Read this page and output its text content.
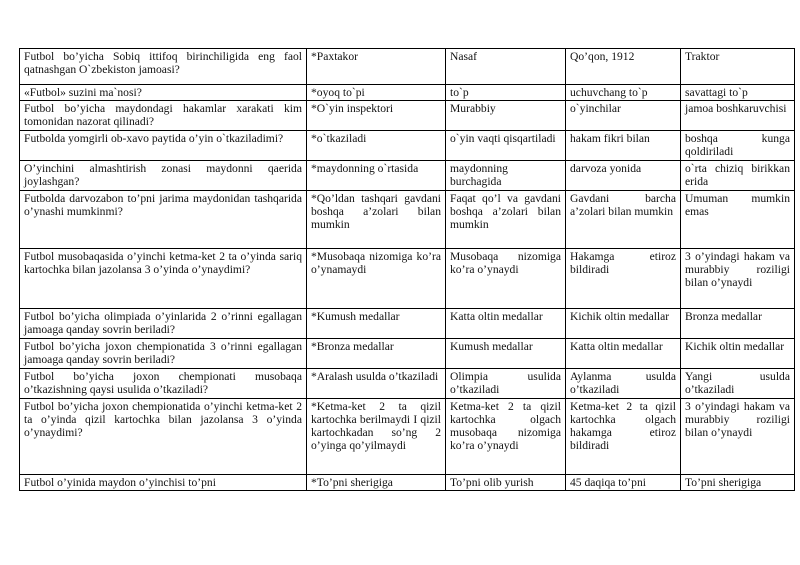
Futbol bo’yicha Sobiq ittifoq birinchiligida eng faol qatnashgan O`zbekiston jamoasi?	*Paxtakor	Nasaf	Qo’qon, 1912	Traktor
«Futbol» suzini ma`nosi?	*oyoq to`pi	to`p	uchuvchang to`p	savattagi to`p
Futbol bo’yicha maydondagi hakamlar xarakati kim tomonidan nazorat qilinadi?	*O`yin inspektori	Murabbiy	o`yinchilar	jamoa boshkaruvchisi
Futbolda yomgirli ob-xavo paytida o’yin o`tkaziladimi?	*o`tkaziladi	o`yin vaqti qisqartiladi	hakam fikri bilan	boshqa kunga qoldiriladi
O’yinchini almashtirish zonasi maydonni qaerida joylashgan?	*maydonning o`rtasida	maydonning burchagida	darvoza yonida	o`rta chiziq birikkan erida
Futbolda darvozabon to’pni jarima maydonidan tashqarida o’ynashi mumkinmi?	*Qo’ldan tashqari gavdani boshqa a’zolari bilan mumkin	Faqat qo’l va gavdani boshqa a’zolari bilan mumkin	Gavdani barcha a’zolari bilan mumkin	Umuman mumkin emas
Futbol musobaqasida o’yinchi ketma-ket 2 ta o’yinda sariq kartochka bilan jazolansa 3 o’yinda o’ynaydimi?	*Musobaqa nizomiga ko’ra o’ynamaydi	Musobaqa nizomiga ko’ra o’ynaydi	Hakamga etiroz bildiradi	3 o’yindagi hakam va murabbiy roziligi bilan o’ynaydi
Futbol bo’yicha olimpiada o’yinlarida 2 o’rinni egallagan jamoaga qanday sovrin beriladi?	*Kumush medallar	Katta oltin medallar	Kichik oltin medallar	Bronza medallar
Futbol bo’yicha joxon chempionatida 3 o’rinni egallagan jamoaga qanday sovrin beriladi?	*Bronza medallar	Kumush medallar	Katta oltin medallar	Kichik oltin medallar
Futbol bo’yicha joxon chempionati musobaqa o’tkazishning qaysi usulida o’tkaziladi?	*Aralash usulda o’tkaziladi	Olimpia usulida o’tkaziladi	Aylanma usulda o’tkaziladi	Yangi usulda o’tkaziladi
Futbol bo’yicha joxon chempionatida o’yinchi ketma-ket 2 ta o’yinda qizil kartochka bilan jazolansa 3 o’yinda o’ynaydimi?	*Ketma-ket 2 ta qizil kartochka berilmaydi I qizil kartochkadan so’ng 2 o’yinga qo’yilmaydi	Ketma-ket 2 ta qizil kartochka olgach musobaqa nizomiga ko’ra o’ynaydi	Ketma-ket 2 ta qizil kartochka olgach hakamga etiroz bildiradi	3 o’yindagi hakam va murabbiy roziligi bilan o’ynaydi
Futbol o’yinida maydon o’yinchisi to’pni	*To’pni sherigiga	To’pni olib yurish	45 daqiqa to’pni	To’pni sherigiga
